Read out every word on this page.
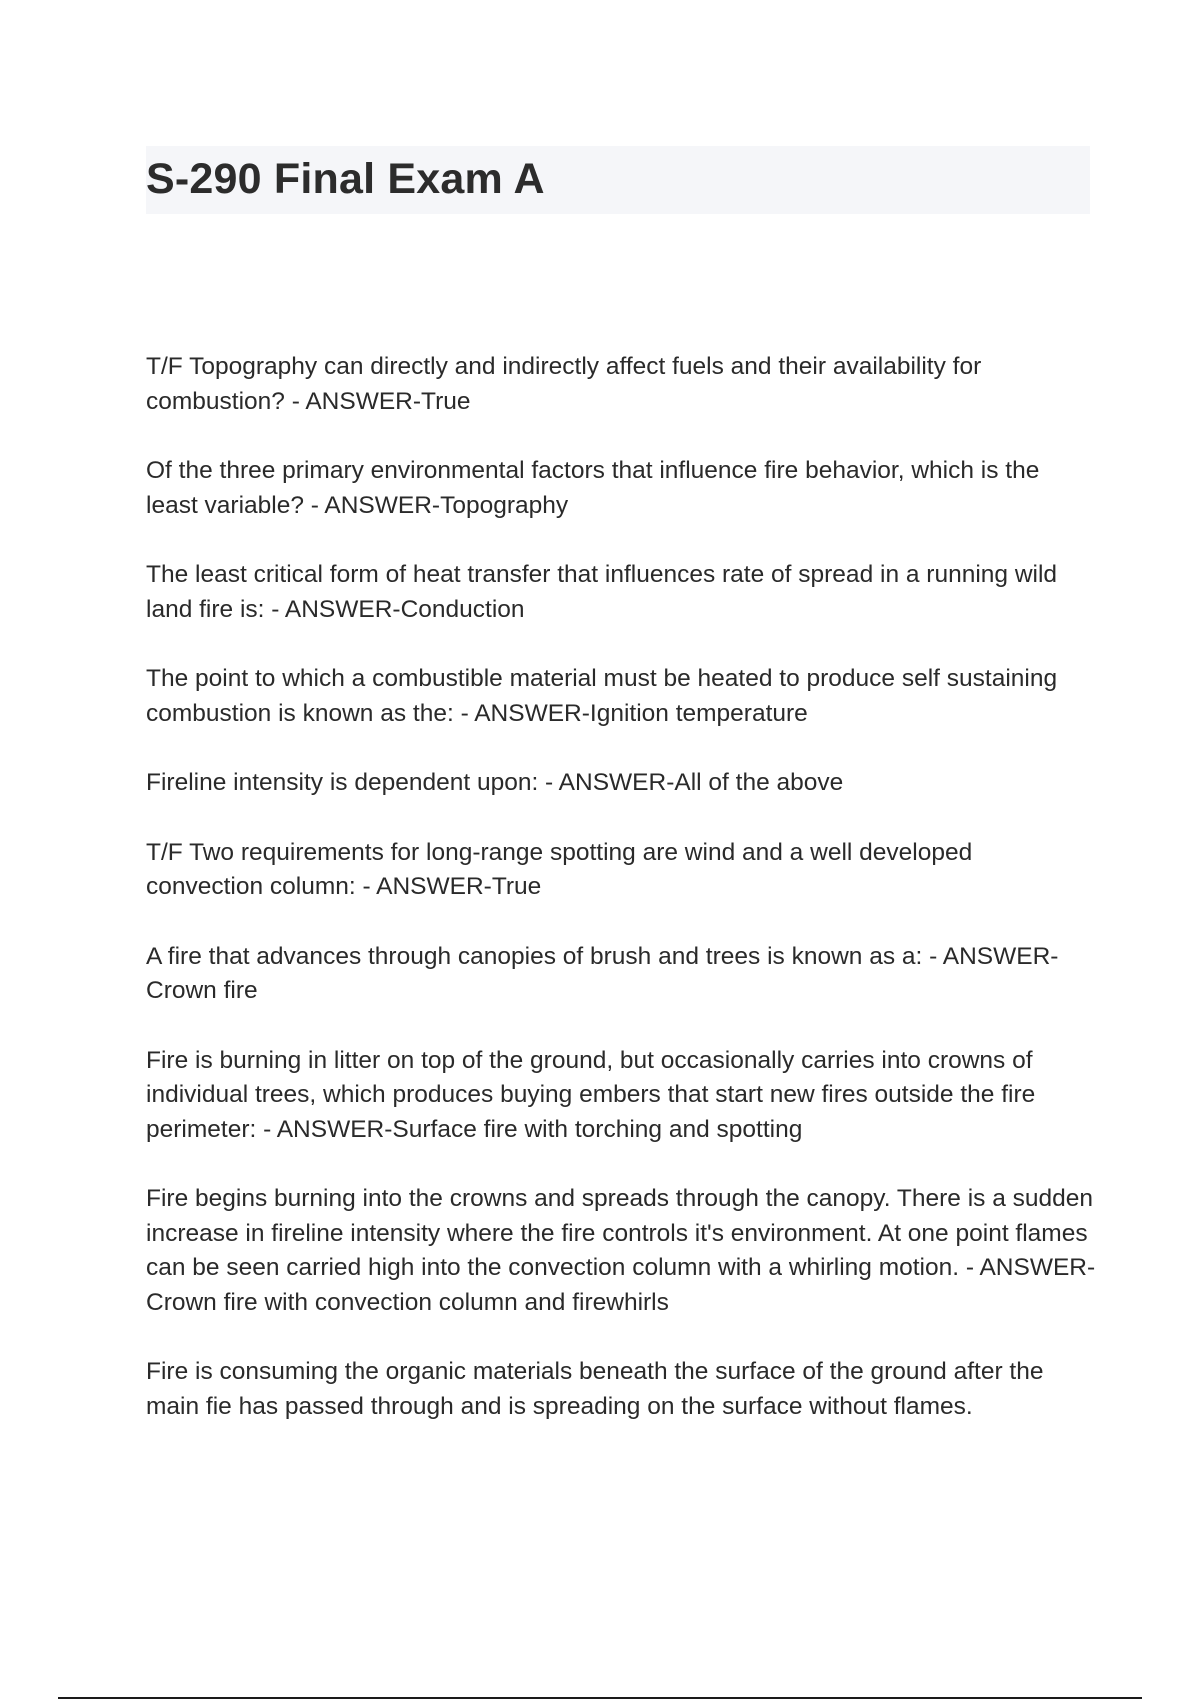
S-290 Final Exam A
T/F Topography can directly and indirectly affect fuels and their availability for combustion? - ANSWER-True
Of the three primary environmental factors that influence fire behavior, which is the least variable? - ANSWER-Topography
The least critical form of heat transfer that influences rate of spread in a running wild land fire is: - ANSWER-Conduction
The point to which a combustible material must be heated to produce self sustaining combustion is known as the: - ANSWER-Ignition temperature
Fireline intensity is dependent upon: - ANSWER-All of the above
T/F Two requirements for long-range spotting are wind and a well developed convection column: - ANSWER-True
A fire that advances through canopies of brush and trees is known as a: - ANSWER-Crown fire
Fire is burning in litter on top of the ground, but occasionally carries into crowns of individual trees, which produces buying embers that start new fires outside the fire perimeter: - ANSWER-Surface fire with torching and spotting
Fire begins burning into the crowns and spreads through the canopy. There is a sudden increase in fireline intensity where the fire controls it's environment. At one point flames can be seen carried high into the convection column with a whirling motion. - ANSWER-Crown fire with convection column and firewhirls
Fire is consuming the organic materials beneath the surface of the ground after the main fie has passed through and is spreading on the surface without flames.
